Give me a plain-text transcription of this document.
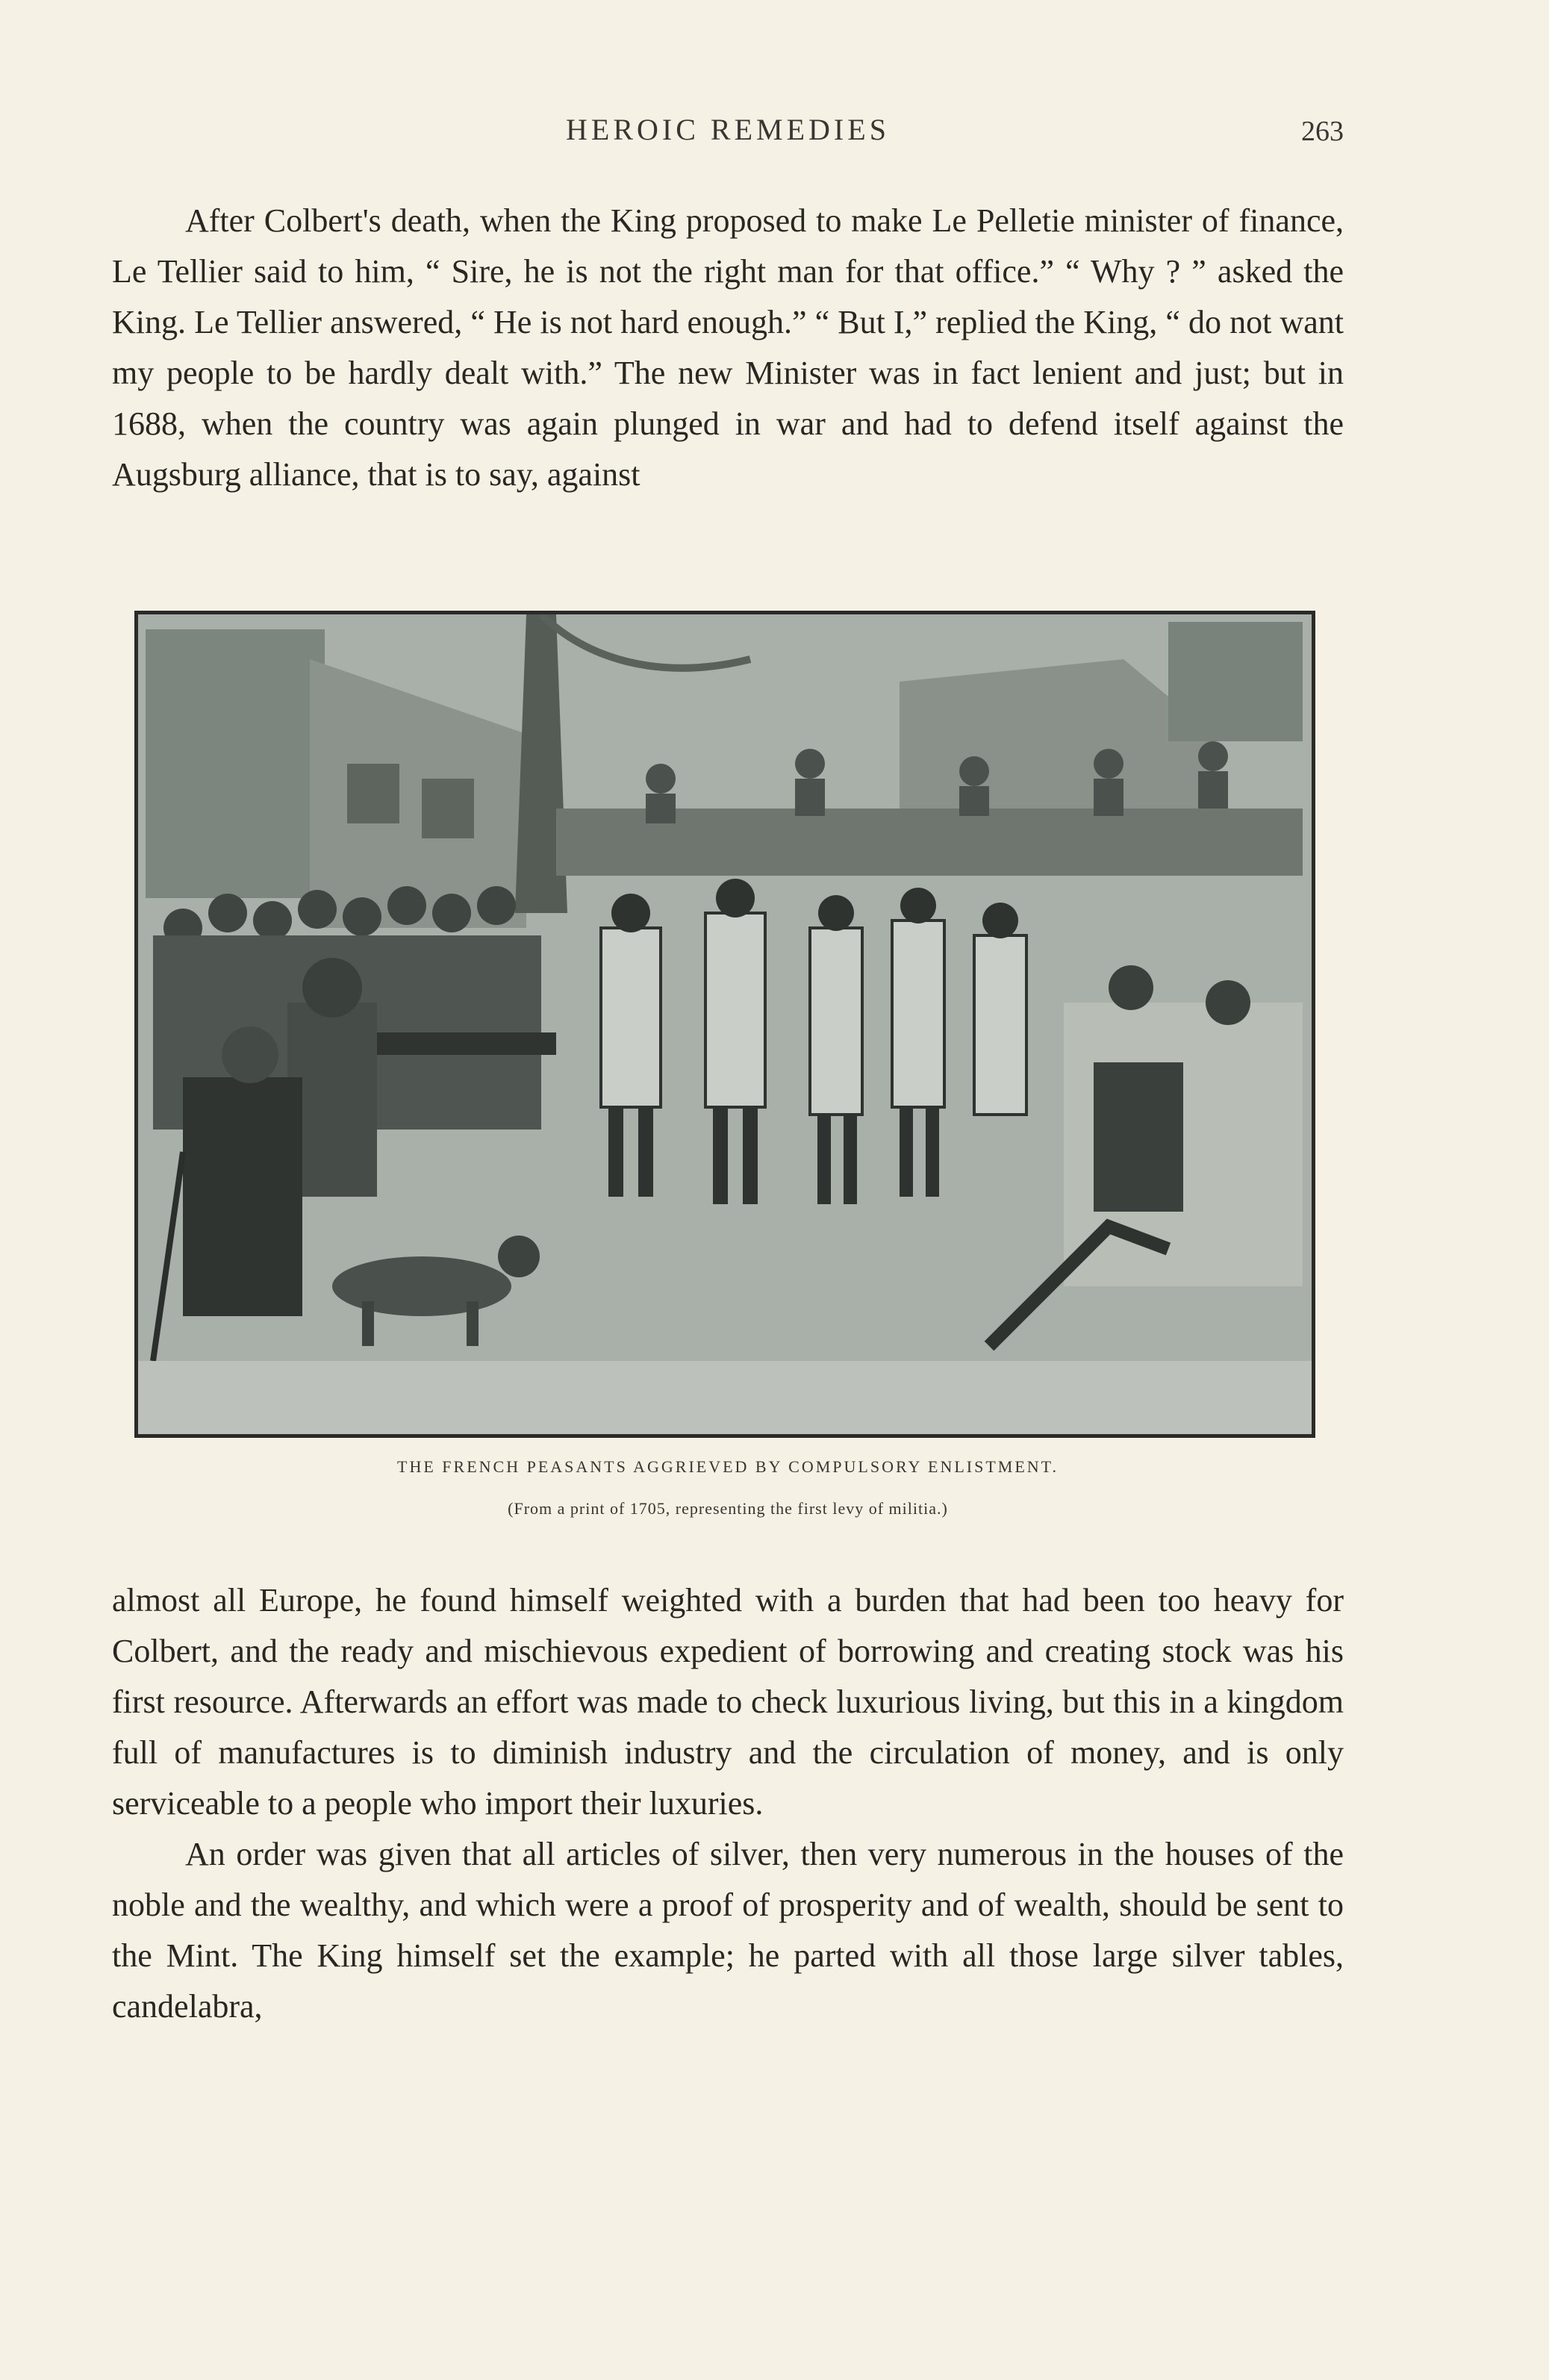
HEROIC REMEDIES	263

After Colbert's death, when the King proposed to make Le Pelletie minister of finance, Le Tellier said to him, “ Sire, he is not the right man for that office.” “ Why ? ” asked the King. Le Tellier answered, “ He is not hard enough.” “ But I,” replied the King, “ do not want my people to be hardly dealt with.” The new Minister was in fact lenient and just; but in 1688, when the country was again plunged in war and had to defend itself against the Augsburg alliance, that is to say, against

THE FRENCH PEASANTS AGGRIEVED BY COMPULSORY ENLISTMENT.
(From a print of 1705, representing the first levy of militia.)

almost all Europe, he found himself weighted with a burden that had been too heavy for Colbert, and the ready and mischievous expedient of borrowing and creating stock was his first resource. Afterwards an effort was made to check luxurious living, but this in a kingdom full of manufactures is to diminish industry and the circulation of money, and is only serviceable to a people who import their luxuries.

An order was given that all articles of silver, then very numerous in the houses of the noble and the wealthy, and which were a proof of prosperity and of wealth, should be sent to the Mint. The King himself set the example; he parted with all those large silver tables, candelabra,
